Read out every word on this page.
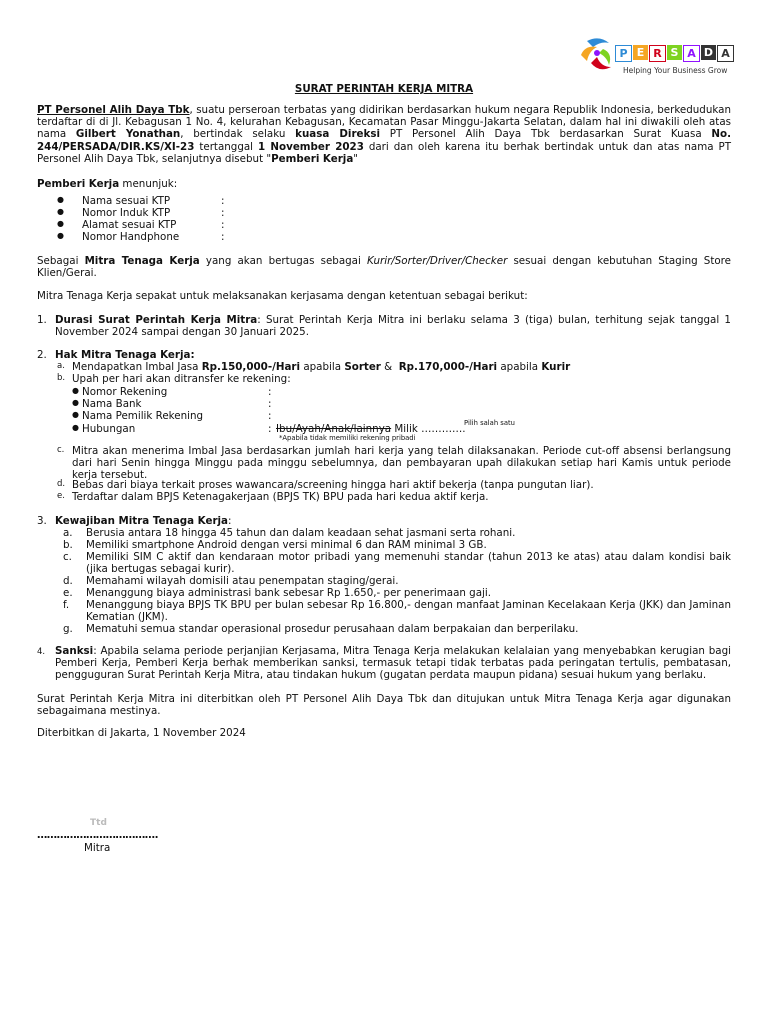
P E R S A D A
Helping Your Business Grow
SURAT PERINTAH KERJA MITRA

PT Personel Alih Daya Tbk, suatu perseroan terbatas yang didirikan berdasarkan hukum negara Republik Indonesia, berkedudukan terdaftar di di Jl. Kebagusan 1 No. 4, kelurahan Kebagusan, Kecamatan Pasar Minggu-Jakarta Selatan, dalam hal ini diwakili oleh atas nama Gilbert Yonathan, bertindak selaku kuasa Direksi PT Personel Alih Daya Tbk berdasarkan Surat Kuasa No. 244/PERSADA/DIR.KS/XI-23 tertanggal 1 November 2023 dari dan oleh karena itu berhak bertindak untuk dan atas nama PT Personel Alih Daya Tbk, selanjutnya disebut "Pemberi Kerja"

Pemberi Kerja menunjuk:

● Nama sesuai KTP	:
● Nomor Induk KTP	:
● Alamat sesuai KTP	:
● Nomor Handphone	:

Sebagai Mitra Tenaga Kerja yang akan bertugas sebagai Kurir/Sorter/Driver/Checker sesuai dengan kebutuhan Staging Store Klien/Gerai.

Mitra Tenaga Kerja sepakat untuk melaksanakan kerjasama dengan ketentuan sebagai berikut:

1. Durasi Surat Perintah Kerja Mitra: Surat Perintah Kerja Mitra ini berlaku selama 3 (tiga) bulan, terhitung sejak tanggal 1 November 2024 sampai dengan 30 Januari 2025.

2. Hak Mitra Tenaga Kerja:

a. Mendapatkan Imbal Jasa Rp.150,000-/Hari apabila Sorter &  Rp.170,000-/Hari apabila Kurir

b. Upah per hari akan ditransfer ke rekening:

● Nomor Rekening	:
● Nama Bank	:
● Nama Pemilik Rekening	:
● Hubungan	: Ibu/Ayah/Anak/lainnya Milik ………….
Pilih salah satu
*Apabila tidak memiliki rekening pribadi
c. Mitra akan menerima Imbal Jasa berdasarkan jumlah hari kerja yang telah dilaksanakan. Periode cut-off absensi berlangsung dari hari Senin hingga Minggu pada minggu sebelumnya, dan pembayaran upah dilakukan setiap hari Kamis untuk periode kerja tersebut.

d. Bebas dari biaya terkait proses wawancara/screening hingga hari aktif bekerja (tanpa pungutan liar).

e. Terdaftar dalam BPJS Ketenagakerjaan (BPJS TK) BPU pada hari kedua aktif kerja.

3. Kewajiban Mitra Tenaga Kerja:

a. Berusia antara 18 hingga 45 tahun dan dalam keadaan sehat jasmani serta rohani.

b. Memiliki smartphone Android dengan versi minimal 6 dan RAM minimal 3 GB.

c. Memiliki SIM C aktif dan kendaraan motor pribadi yang memenuhi standar (tahun 2013 ke atas) atau dalam kondisi baik (jika bertugas sebagai kurir).

d. Memahami wilayah domisili atau penempatan staging/gerai.

e. Menanggung biaya administrasi bank sebesar Rp 1.650,- per penerimaan gaji.

f. Menanggung biaya BPJS TK BPU per bulan sebesar Rp 16.800,- dengan manfaat Jaminan Kecelakaan Kerja (JKK) dan Jaminan Kematian (JKM).

g. Mematuhi semua standar operasional prosedur perusahaan dalam berpakaian dan berperilaku.

4. Sanksi: Apabila selama periode perjanjian Kerjasama, Mitra Tenaga Kerja melakukan kelalaian yang menyebabkan kerugian bagi Pemberi Kerja, Pemberi Kerja berhak memberikan sanksi, termasuk tetapi tidak terbatas pada peringatan tertulis, pembatasan, pengguguran Surat Perintah Kerja Mitra, atau tindakan hukum (gugatan perdata maupun pidana) sesuai hukum yang berlaku.

Surat Perintah Kerja Mitra ini diterbitkan oleh PT Personel Alih Daya Tbk dan ditujukan untuk Mitra Tenaga Kerja agar digunakan sebagaimana mestinya.

Diterbitkan di Jakarta, 1 November 2024

Ttd
……………………………….
Mitra
